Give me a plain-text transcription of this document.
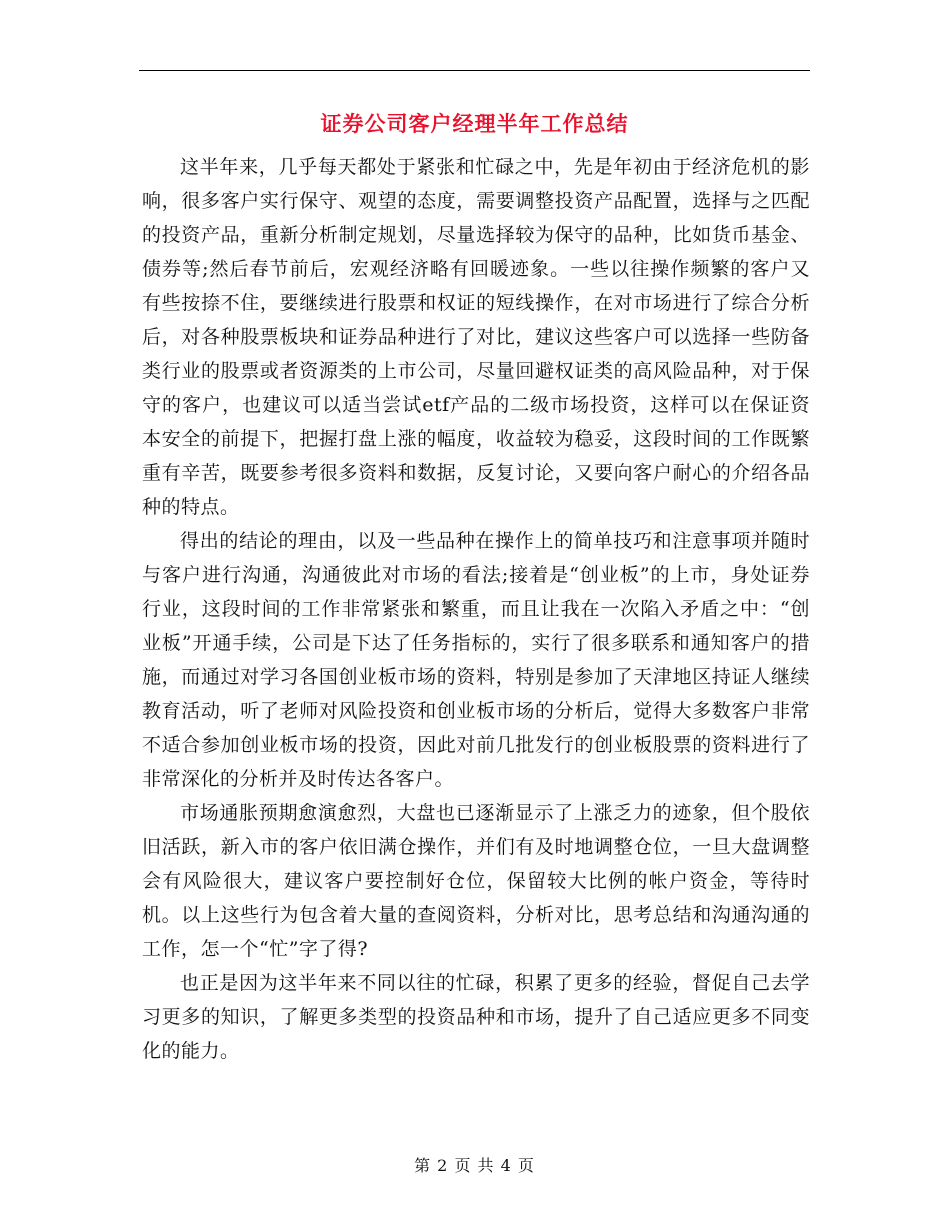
证券公司客户经理半年工作总结

这半年来，几乎每天都处于紧张和忙碌之中，先是年初由于经济危机的影响，很多客户实行保守、观望的态度，需要调整投资产品配置，选择与之匹配的投资产品，重新分析制定规划，尽量选择较为保守的品种，比如货币基金、债券等;然后春节前后，宏观经济略有回暖迹象。一些以往操作频繁的客户又有些按捺不住，要继续进行股票和权证的短线操作，在对市场进行了综合分析后，对各种股票板块和证券品种进行了对比，建议这些客户可以选择一些防备类行业的股票或者资源类的上市公司，尽量回避权证类的高风险品种，对于保守的客户，也建议可以适当尝试etf产品的二级市场投资，这样可以在保证资本安全的前提下，把握打盘上涨的幅度，收益较为稳妥，这段时间的工作既繁重有辛苦，既要参考很多资料和数据，反复讨论，又要向客户耐心的介绍各品种的特点。

得出的结论的理由，以及一些品种在操作上的简单技巧和注意事项并随时与客户进行沟通，沟通彼此对市场的看法;接着是“创业板”的上市，身处证券行业，这段时间的工作非常紧张和繁重，而且让我在一次陷入矛盾之中：“创业板”开通手续，公司是下达了任务指标的，实行了很多联系和通知客户的措施，而通过对学习各国创业板市场的资料，特别是参加了天津地区持证人继续教育活动，听了老师对风险投资和创业板市场的分析后，觉得大多数客户非常不适合参加创业板市场的投资，因此对前几批发行的创业板股票的资料进行了非常深化的分析并及时传达各客户。

市场通胀预期愈演愈烈，大盘也已逐渐显示了上涨乏力的迹象，但个股依旧活跃，新入市的客户依旧满仓操作，并们有及时地调整仓位，一旦大盘调整会有风险很大，建议客户要控制好仓位，保留较大比例的帐户资金，等待时机。以上这些行为包含着大量的查阅资料，分析对比，思考总结和沟通沟通的工作，怎一个“忙”字了得?

也正是因为这半年来不同以往的忙碌，积累了更多的经验，督促自己去学习更多的知识，了解更多类型的投资品种和市场，提升了自己适应更多不同变化的能力。

第 2 页 共 4 页
